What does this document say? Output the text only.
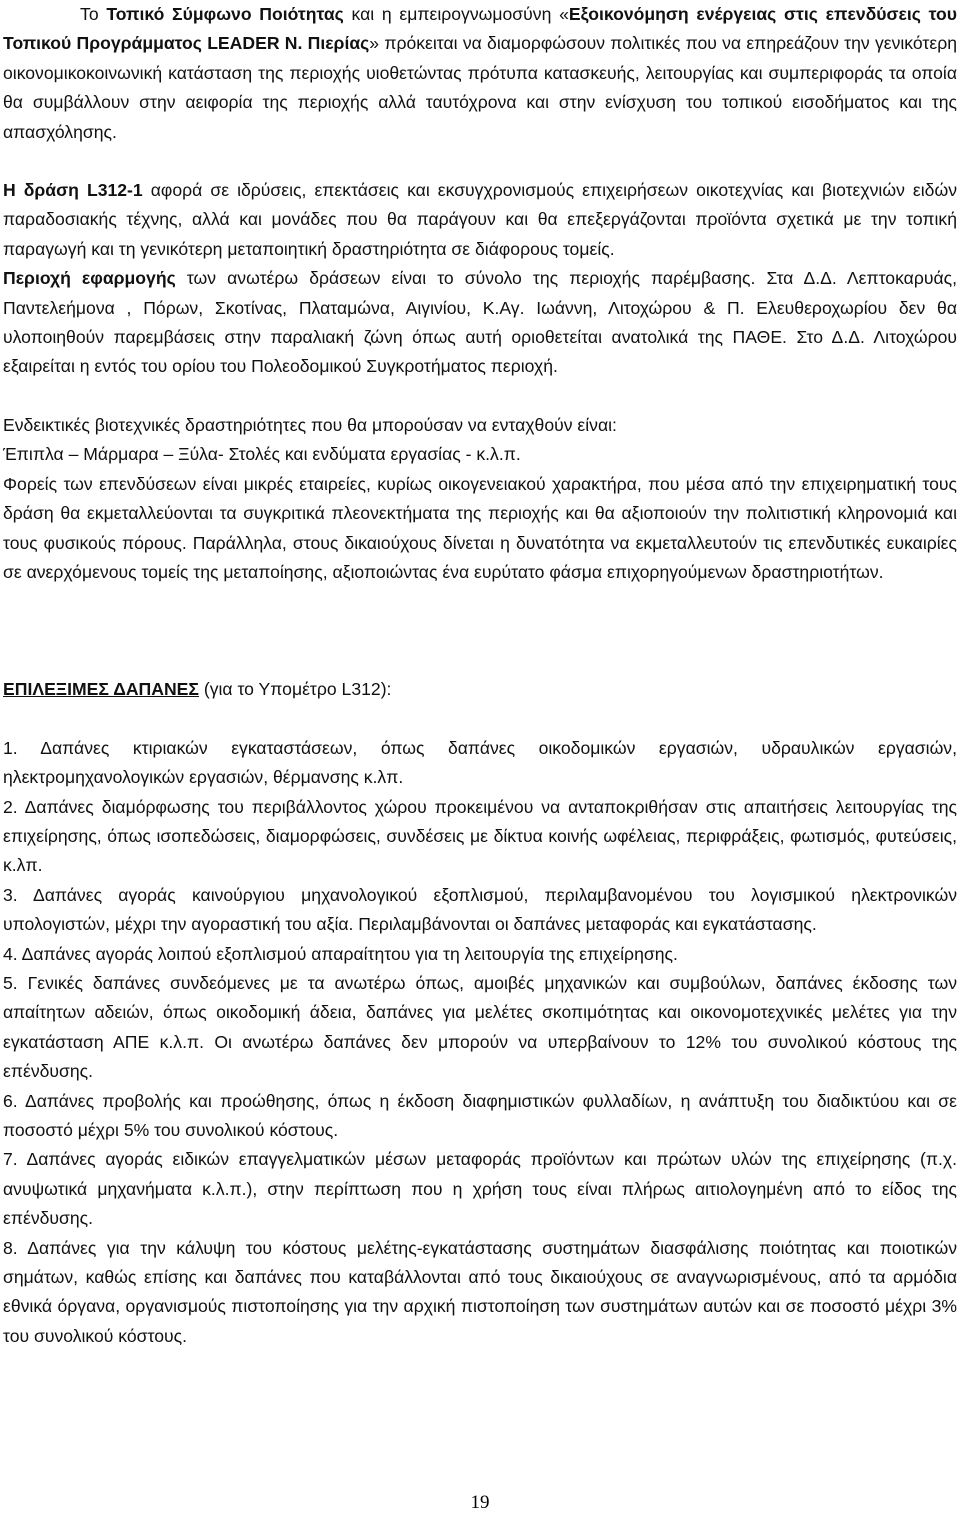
Το Τοπικό Σύμφωνο Ποιότητας και η εμπειρογνωμοσύνη «Εξοικονόμηση ενέργειας στις επενδύσεις του Τοπικού Προγράμματος LEADER Ν. Πιερίας» πρόκειται να διαμορφώσουν πολιτικές που να επηρεάζουν την γενικότερη οικονομικοκοινωνική κατάσταση της περιοχής υιοθετώντας πρότυπα κατασκευής, λειτουργίας και συμπεριφοράς τα οποία θα συμβάλλουν στην αειφορία της περιοχής αλλά ταυτόχρονα και στην ενίσχυση του τοπικού εισοδήματος και της απασχόλησης.

Η δράση L312-1 αφορά σε ιδρύσεις, επεκτάσεις και εκσυγχρονισμούς επιχειρήσεων οικοτεχνίας και βιοτεχνιών ειδών παραδοσιακής τέχνης, αλλά και μονάδες που θα παράγουν και θα επεξεργάζονται προϊόντα σχετικά με την τοπική παραγωγή και τη γενικότερη μεταποιητική δραστηριότητα σε διάφορους τομείς.

Περιοχή εφαρμογής των ανωτέρω δράσεων είναι το σύνολο της περιοχής παρέμβασης. Στα Δ.Δ. Λεπτοκαρυάς, Παντελεήμονα , Πόρων, Σκοτίνας, Πλαταμώνα, Αιγινίου, Κ.Αγ. Ιωάννη, Λιτοχώρου & Π. Ελευθεροχωρίου δεν θα υλοποιηθούν παρεμβάσεις στην παραλιακή ζώνη όπως αυτή οριοθετείται ανατολικά της ΠΑΘΕ. Στο Δ.Δ. Λιτοχώρου εξαιρείται η εντός του ορίου του Πολεοδομικού Συγκροτήματος περιοχή.

Ενδεικτικές βιοτεχνικές δραστηριότητες που θα μπορούσαν να ενταχθούν είναι:

Έπιπλα – Μάρμαρα – Ξύλα- Στολές και ενδύματα εργασίας - κ.λ.π.

Φορείς των επενδύσεων είναι μικρές εταιρείες, κυρίως οικογενειακού χαρακτήρα, που μέσα από την επιχειρηματική τους δράση θα εκμεταλλεύονται τα συγκριτικά πλεονεκτήματα της περιοχής και θα αξιοποιούν την πολιτιστική κληρονομιά και τους φυσικούς πόρους. Παράλληλα, στους δικαιούχους δίνεται η δυνατότητα να εκμεταλλευτούν τις επενδυτικές ευκαιρίες σε ανερχόμενους τομείς της μεταποίησης, αξιοποιώντας ένα ευρύτατο φάσμα επιχορηγούμενων δραστηριοτήτων.

ΕΠΙΛΕΞΙΜΕΣ ΔΑΠΑΝΕΣ (για το Υπομέτρο L312):

1. Δαπάνες κτιριακών εγκαταστάσεων, όπως δαπάνες οικοδομικών εργασιών, υδραυλικών εργασιών, ηλεκτρομηχανολογικών εργασιών, θέρμανσης κ.λπ.

2. Δαπάνες διαμόρφωσης του περιβάλλοντος χώρου προκειμένου να ανταποκριθήσαν στις απαιτήσεις λειτουργίας της επιχείρησης, όπως ισοπεδώσεις, διαμορφώσεις, συνδέσεις με δίκτυα κοινής ωφέλειας, περιφράξεις, φωτισμός, φυτεύσεις, κ.λπ.

3. Δαπάνες αγοράς καινούργιου μηχανολογικού εξοπλισμού, περιλαμβανομένου του λογισμικού ηλεκτρονικών υπολογιστών, μέχρι την αγοραστική του αξία. Περιλαμβάνονται οι δαπάνες μεταφοράς και εγκατάστασης.

4. Δαπάνες αγοράς λοιπού εξοπλισμού απαραίτητου για τη λειτουργία της επιχείρησης.

5. Γενικές δαπάνες συνδεόμενες με τα ανωτέρω όπως, αμοιβές μηχανικών και συμβούλων, δαπάνες έκδοσης των απαίτητων αδειών, όπως οικοδομική άδεια, δαπάνες για μελέτες σκοπιμότητας και οικονομοτεχνικές μελέτες για την εγκατάσταση ΑΠΕ κ.λ.π. Οι ανωτέρω δαπάνες δεν μπορούν να υπερβαίνουν το 12% του συνολικού κόστους της επένδυσης.

6. Δαπάνες προβολής και προώθησης, όπως η έκδοση διαφημιστικών φυλλαδίων, η ανάπτυξη του διαδικτύου και σε ποσοστό μέχρι 5% του συνολικού κόστους.

7. Δαπάνες αγοράς ειδικών επαγγελματικών μέσων μεταφοράς προϊόντων και πρώτων υλών της επιχείρησης (π.χ. ανυψωτικά μηχανήματα κ.λ.π.), στην περίπτωση που η χρήση τους είναι πλήρως αιτιολογημένη από το είδος της επένδυσης.

8. Δαπάνες για την κάλυψη του κόστους μελέτης-εγκατάστασης συστημάτων διασφάλισης ποιότητας και ποιοτικών σημάτων, καθώς επίσης και δαπάνες που καταβάλλονται από τους δικαιούχους σε αναγνωρισμένους, από τα αρμόδια εθνικά όργανα, οργανισμούς πιστοποίησης για την αρχική πιστοποίηση των συστημάτων αυτών και σε ποσοστό μέχρι 3% του συνολικού κόστους.

19
